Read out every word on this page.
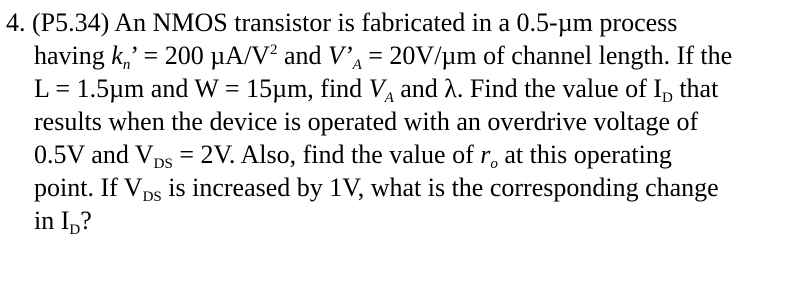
4. (P5.34) An NMOS transistor is fabricated in a 0.5-µm process
having $k_n$’ = 200 $\mu A/V^2$ and $V’_A = 20V/\mu m$ of channel length. If the
L = 1.5µm and W = 15µm, find $V_A$ and λ. Find the value of $I_D$ that
results when the device is operated with an overdrive voltage of
0.5V and $V_{DS} = 2V$. Also, find the value of $r_o$ at this operating
point. If $V_{DS}$ is increased by 1V, what is the corresponding change
in $I_D$?
